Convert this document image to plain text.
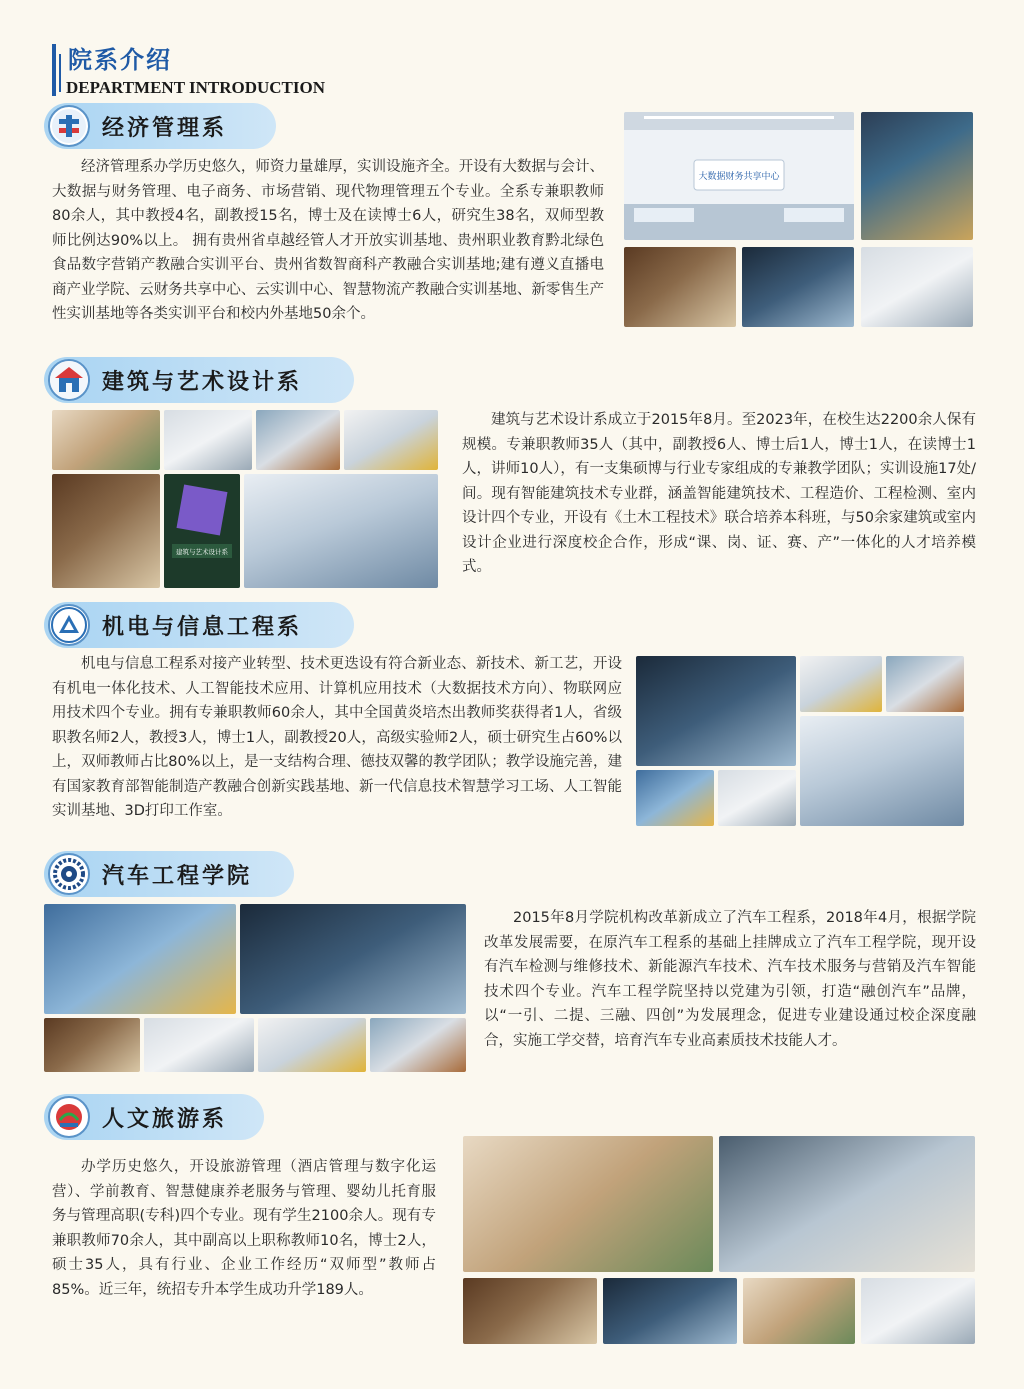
院系介绍
DEPARTMENT INTRODUCTION
经济管理系

经济管理系办学历史悠久，师资力量雄厚，实训设施齐全。开设有大数据与会计、大数据与财务管理、电子商务、市场营销、现代物理管理五个专业。全系专兼职教师80余人，其中教授4名，副教授15名，博士及在读博士6人，研究生38名，双师型教师比例达90%以上。 拥有贵州省卓越经管人才开放实训基地、贵州职业教育黔北绿色食品数字营销产教融合实训平台、贵州省数智商科产教融合实训基地;建有遵义直播电商产业学院、云财务共享中心、云实训中心、智慧物流产教融合实训基地、新零售生产性实训基地等各类实训平台和校内外基地50余个。

大数据财务共享中心
建筑与艺术设计系
建筑与艺术设计系

建筑与艺术设计系成立于2015年8月。至2023年，在校生达2200余人保有规模。专兼职教师35人（其中，副教授6人、博士后1人，博士1人，在读博士1人，讲师10人），有一支集硕博与行业专家组成的专兼教学团队；实训设施17处/间。现有智能建筑技术专业群，涵盖智能建筑技术、工程造价、工程检测、室内设计四个专业，开设有《土木工程技术》联合培养本科班，与50余家建筑或室内设计企业进行深度校企合作，形成“课、岗、证、赛、产”一体化的人才培养模式。

机电与信息工程系

机电与信息工程系对接产业转型、技术更迭设有符合新业态、新技术、新工艺，开设有机电一体化技术、人工智能技术应用、计算机应用技术（大数据技术方向）、物联网应用技术四个专业。拥有专兼职教师60余人，其中全国黄炎培杰出教师奖获得者1人，省级职教名师2人，教授3人，博士1人，副教授20人，高级实验师2人，硕士研究生占60%以上，双师教师占比80%以上，是一支结构合理、德技双馨的教学团队；教学设施完善，建有国家教育部智能制造产教融合创新实践基地、新一代信息技术智慧学习工场、人工智能实训基地、3D打印工作室。

汽车工程学院

2015年8月学院机构改革新成立了汽车工程系，2018年4月，根据学院改革发展需要，在原汽车工程系的基础上挂牌成立了汽车工程学院，现开设有汽车检测与维修技术、新能源汽车技术、汽车技术服务与营销及汽车智能技术四个专业。汽车工程学院坚持以党建为引领，打造“融创汽车”品牌，以“一引、二提、三融、四创”为发展理念，促进专业建设通过校企深度融合，实施工学交替，培育汽车专业高素质技术技能人才。

人文旅游系

办学历史悠久，开设旅游管理（酒店管理与数字化运营）、学前教育、智慧健康养老服务与管理、婴幼儿托育服务与管理高职(专科)四个专业。现有学生2100余人。现有专兼职教师70余人，其中副高以上职称教师10名，博士2人，硕士35人，具有行业、企业工作经历“双师型”教师占85%。近三年，统招专升本学生成功升学189人。
